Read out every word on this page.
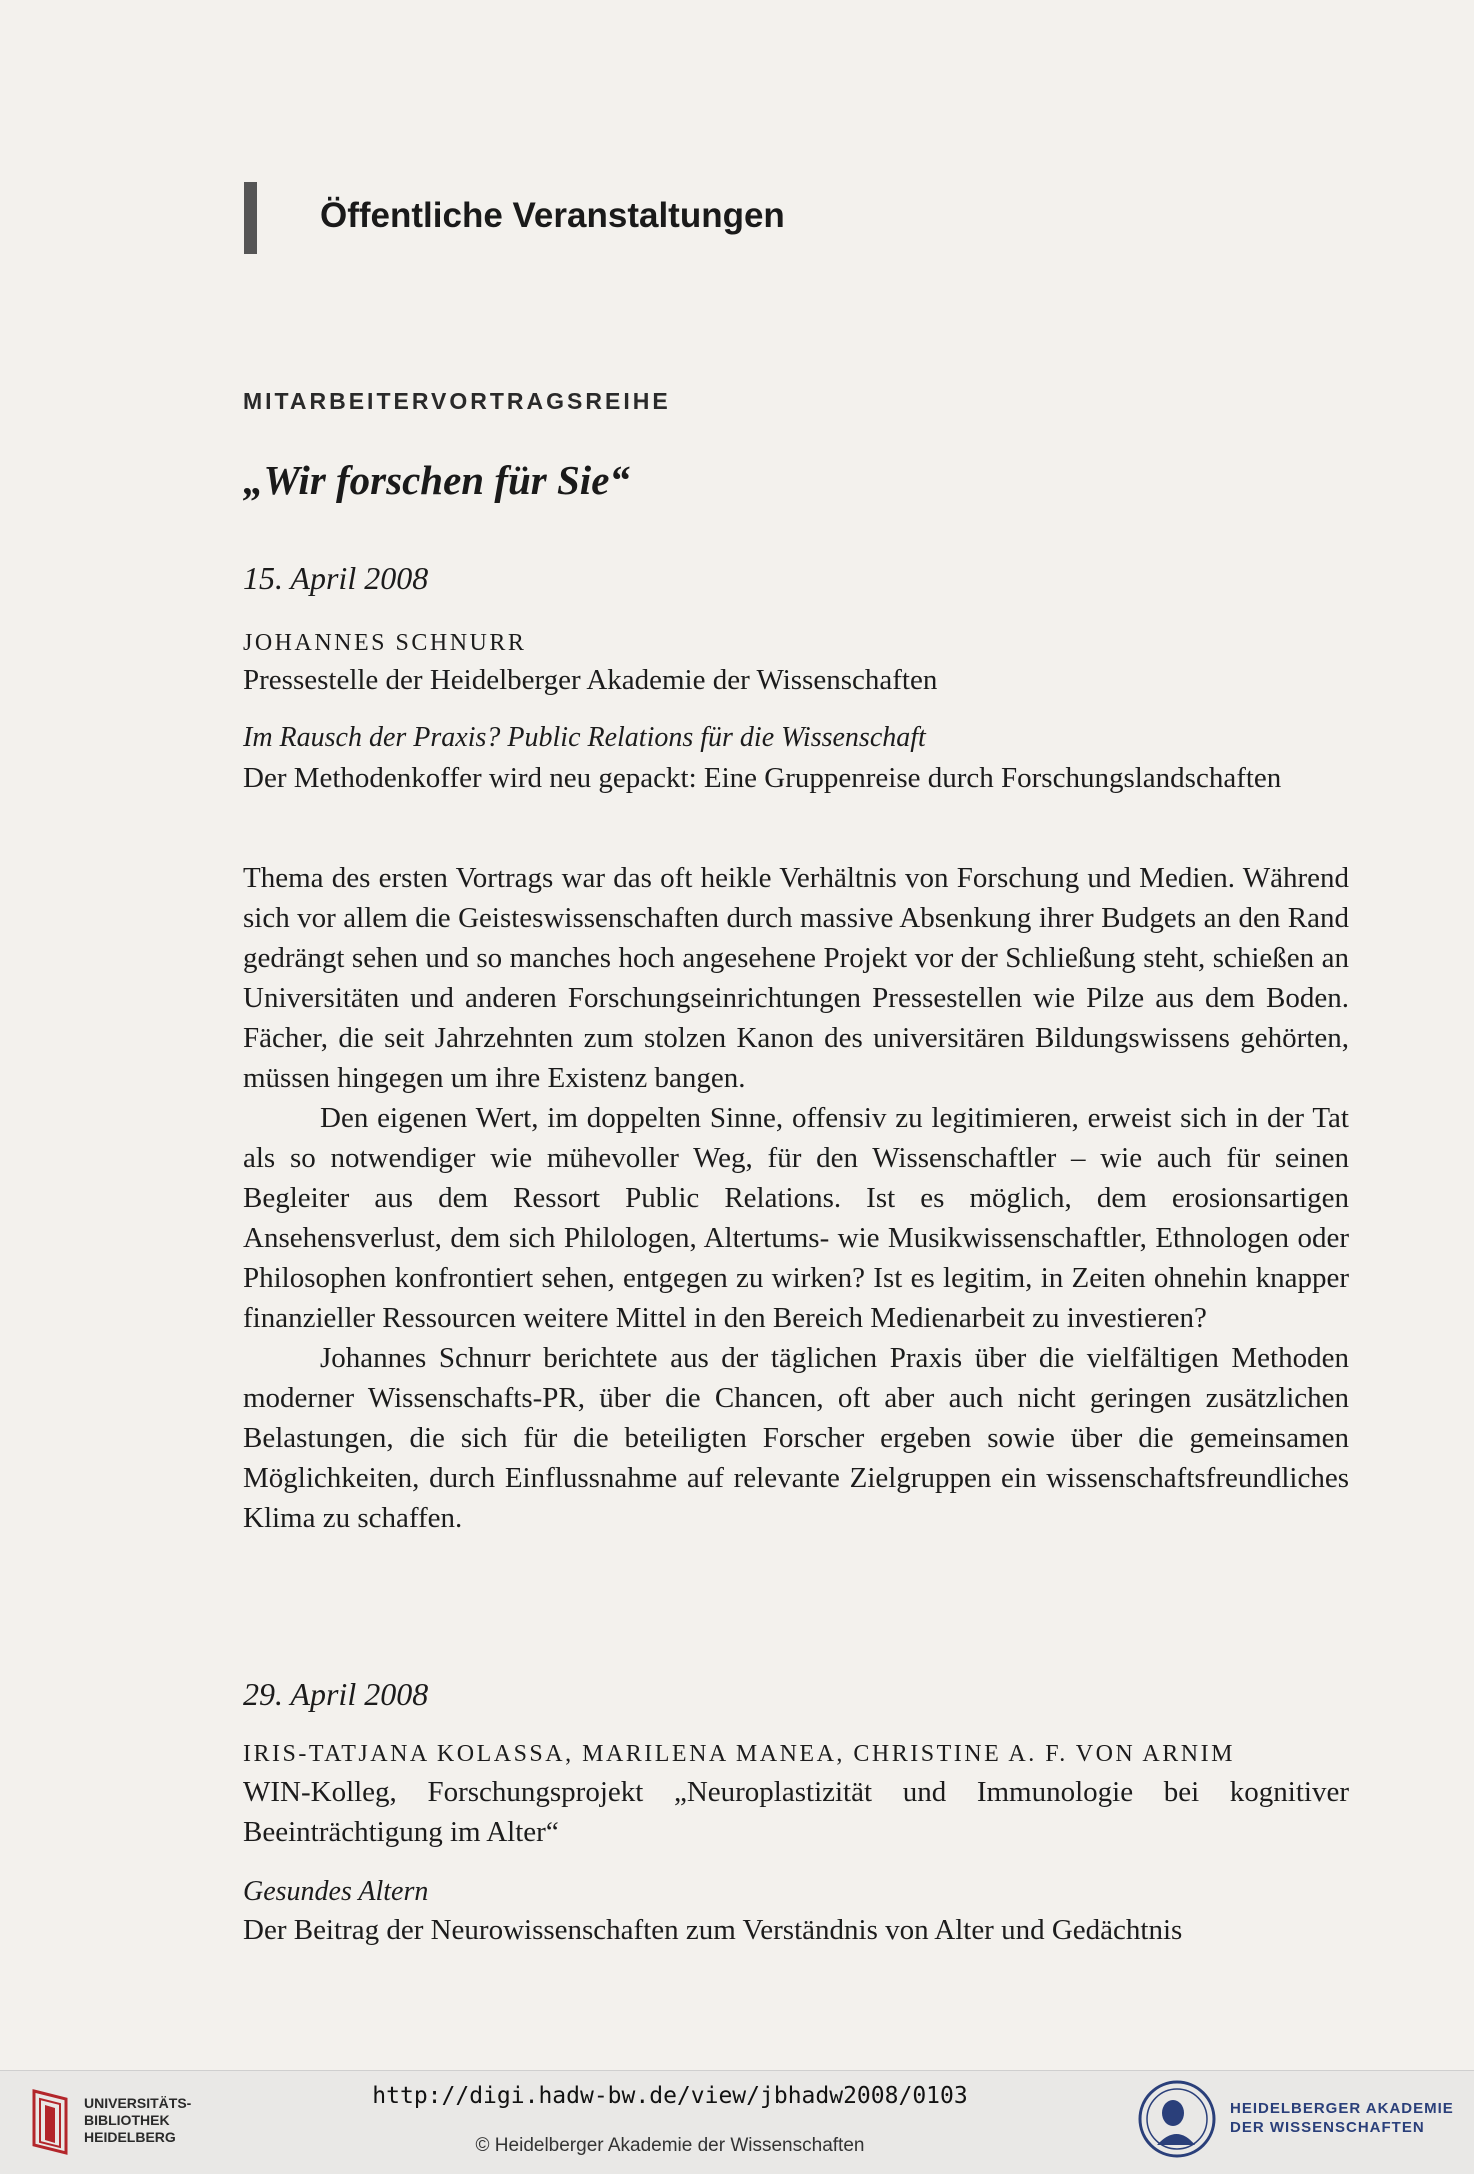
Öffentliche Veranstaltungen
MITARBEITERVORTRAGSREIHE
„Wir forschen für Sie“

15. April 2008

JOHANNES SCHNURR

Pressestelle der Heidelberger Akademie der Wissenschaften

Im Rausch der Praxis? Public Relations für die Wissenschaft

Der Methodenkoffer wird neu gepackt: Eine Gruppenreise durch Forschungslandschaften

Thema des ersten Vortrags war das oft heikle Verhältnis von Forschung und Medien. Während sich vor allem die Geisteswissenschaften durch massive Absenkung ihrer Budgets an den Rand gedrängt sehen und so manches hoch angesehene Projekt vor der Schließung steht, schießen an Universitäten und anderen Forschungseinrichtungen Pressestellen wie Pilze aus dem Boden. Fächer, die seit Jahrzehnten zum stolzen Kanon des universitären Bildungswissens gehörten, müssen hingegen um ihre Existenz bangen.

Den eigenen Wert, im doppelten Sinne, offensiv zu legitimieren, erweist sich in der Tat als so notwendiger wie mühevoller Weg, für den Wissenschaftler – wie auch für seinen Begleiter aus dem Ressort Public Relations. Ist es möglich, dem erosionsartigen Ansehensverlust, dem sich Philologen, Altertums- wie Musikwissenschaftler, Ethnologen oder Philosophen konfrontiert sehen, entgegen zu wirken? Ist es legitim, in Zeiten ohnehin knapper finanzieller Ressourcen weitere Mittel in den Bereich Medienarbeit zu investieren?

Johannes Schnurr berichtete aus der täglichen Praxis über die vielfältigen Methoden moderner Wissenschafts-PR, über die Chancen, oft aber auch nicht geringen zusätzlichen Belastungen, die sich für die beteiligten Forscher ergeben sowie über die gemeinsamen Möglichkeiten, durch Einflussnahme auf relevante Zielgruppen ein wissenschaftsfreundliches Klima zu schaffen.

29. April 2008

IRIS-TATJANA KOLASSA, MARILENA MANEA, CHRISTINE A. F. VON ARNIM

WIN-Kolleg, Forschungsprojekt „Neuroplastizität und Immunologie bei kognitiver Beeinträchtigung im Alter“

Gesundes Altern

Der Beitrag der Neurowissenschaften zum Verständnis von Alter und Gedächtnis

UNIVERSITÄTS-
BIBLIOTHEK
HEIDELBERG

http://digi.hadw-bw.de/view/jbhadw2008/0103

© Heidelberger Akademie der Wissenschaften

HEIDELBERGER AKADEMIE
DER WISSENSCHAFTEN
